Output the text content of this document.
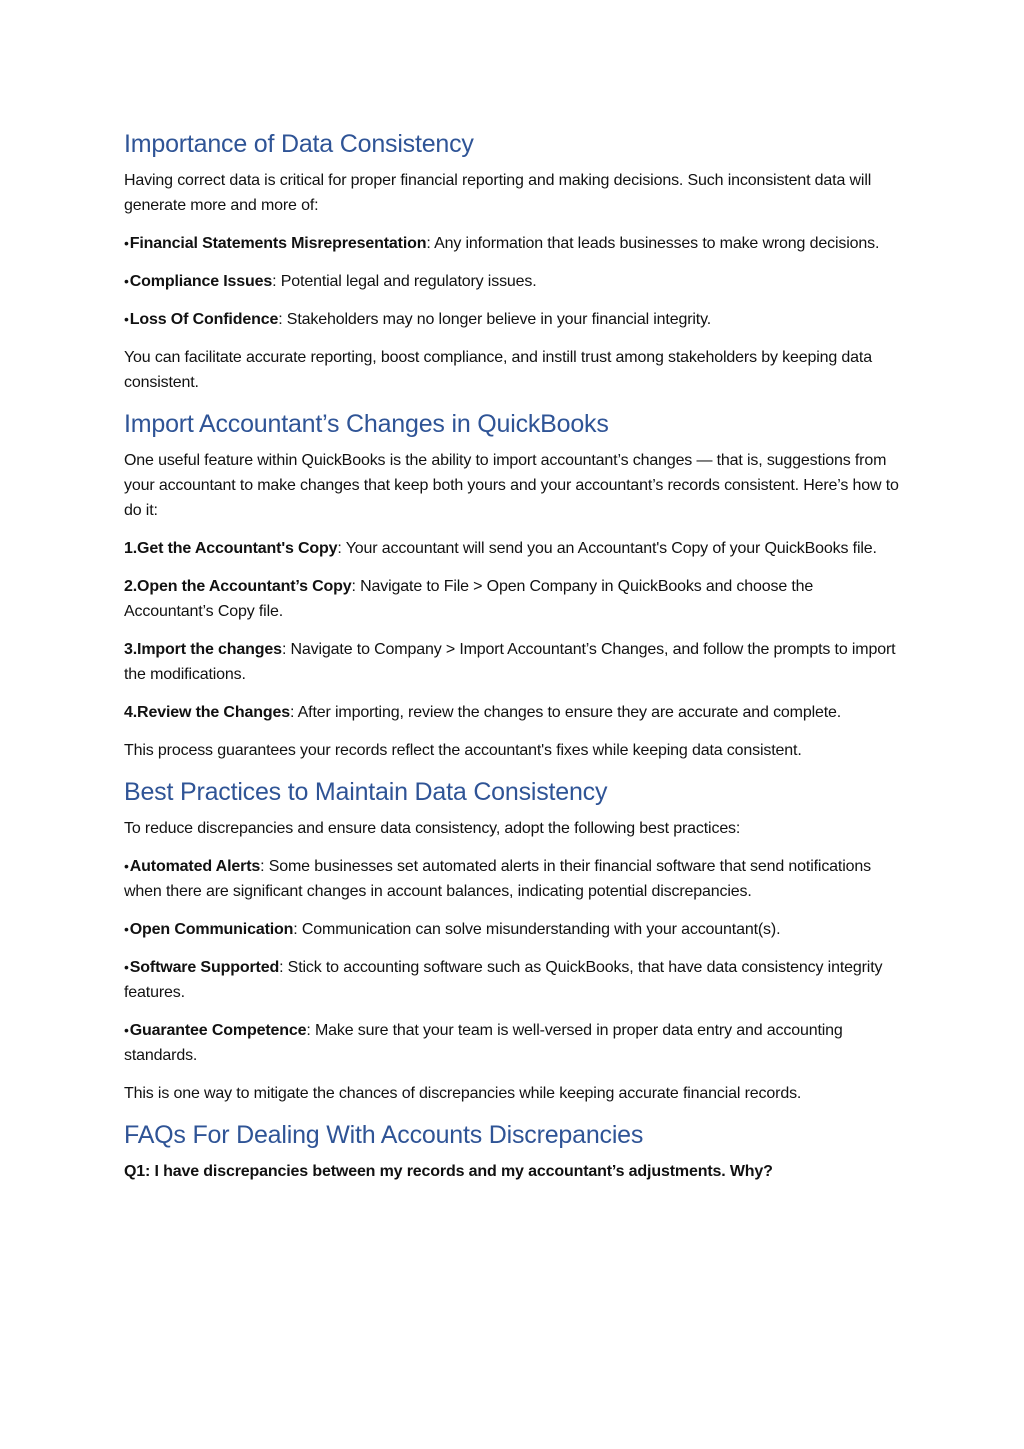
Importance of Data Consistency

Having correct data is critical for proper financial reporting and making decisions. Such inconsistent data will generate more and more of:

•Financial Statements Misrepresentation: Any information that leads businesses to make wrong decisions.

•Compliance Issues: Potential legal and regulatory issues.

•Loss Of Confidence: Stakeholders may no longer believe in your financial integrity.

You can facilitate accurate reporting, boost compliance, and instill trust among stakeholders by keeping data consistent.

Import Accountant’s Changes in QuickBooks

One useful feature within QuickBooks is the ability to import accountant’s changes — that is, suggestions from your accountant to make changes that keep both yours and your accountant’s records consistent. Here’s how to do it:

1.Get the Accountant's Copy: Your accountant will send you an Accountant's Copy of your QuickBooks file.

2.Open the Accountant’s Copy: Navigate to File > Open Company in QuickBooks and choose the Accountant’s Copy file.

3.Import the changes: Navigate to Company > Import Accountant’s Changes, and follow the prompts to import the modifications.

4.Review the Changes: After importing, review the changes to ensure they are accurate and complete.

This process guarantees your records reflect the accountant's fixes while keeping data consistent.

Best Practices to Maintain Data Consistency

To reduce discrepancies and ensure data consistency, adopt the following best practices:

•Automated Alerts: Some businesses set automated alerts in their financial software that send notifications when there are significant changes in account balances, indicating potential discrepancies.

•Open Communication: Communication can solve misunderstanding with your accountant(s).

•Software Supported: Stick to accounting software such as QuickBooks, that have data consistency integrity features.

•Guarantee Competence: Make sure that your team is well-versed in proper data entry and accounting standards.

This is one way to mitigate the chances of discrepancies while keeping accurate financial records.

FAQs For Dealing With Accounts Discrepancies

Q1: I have discrepancies between my records and my accountant’s adjustments. Why?
